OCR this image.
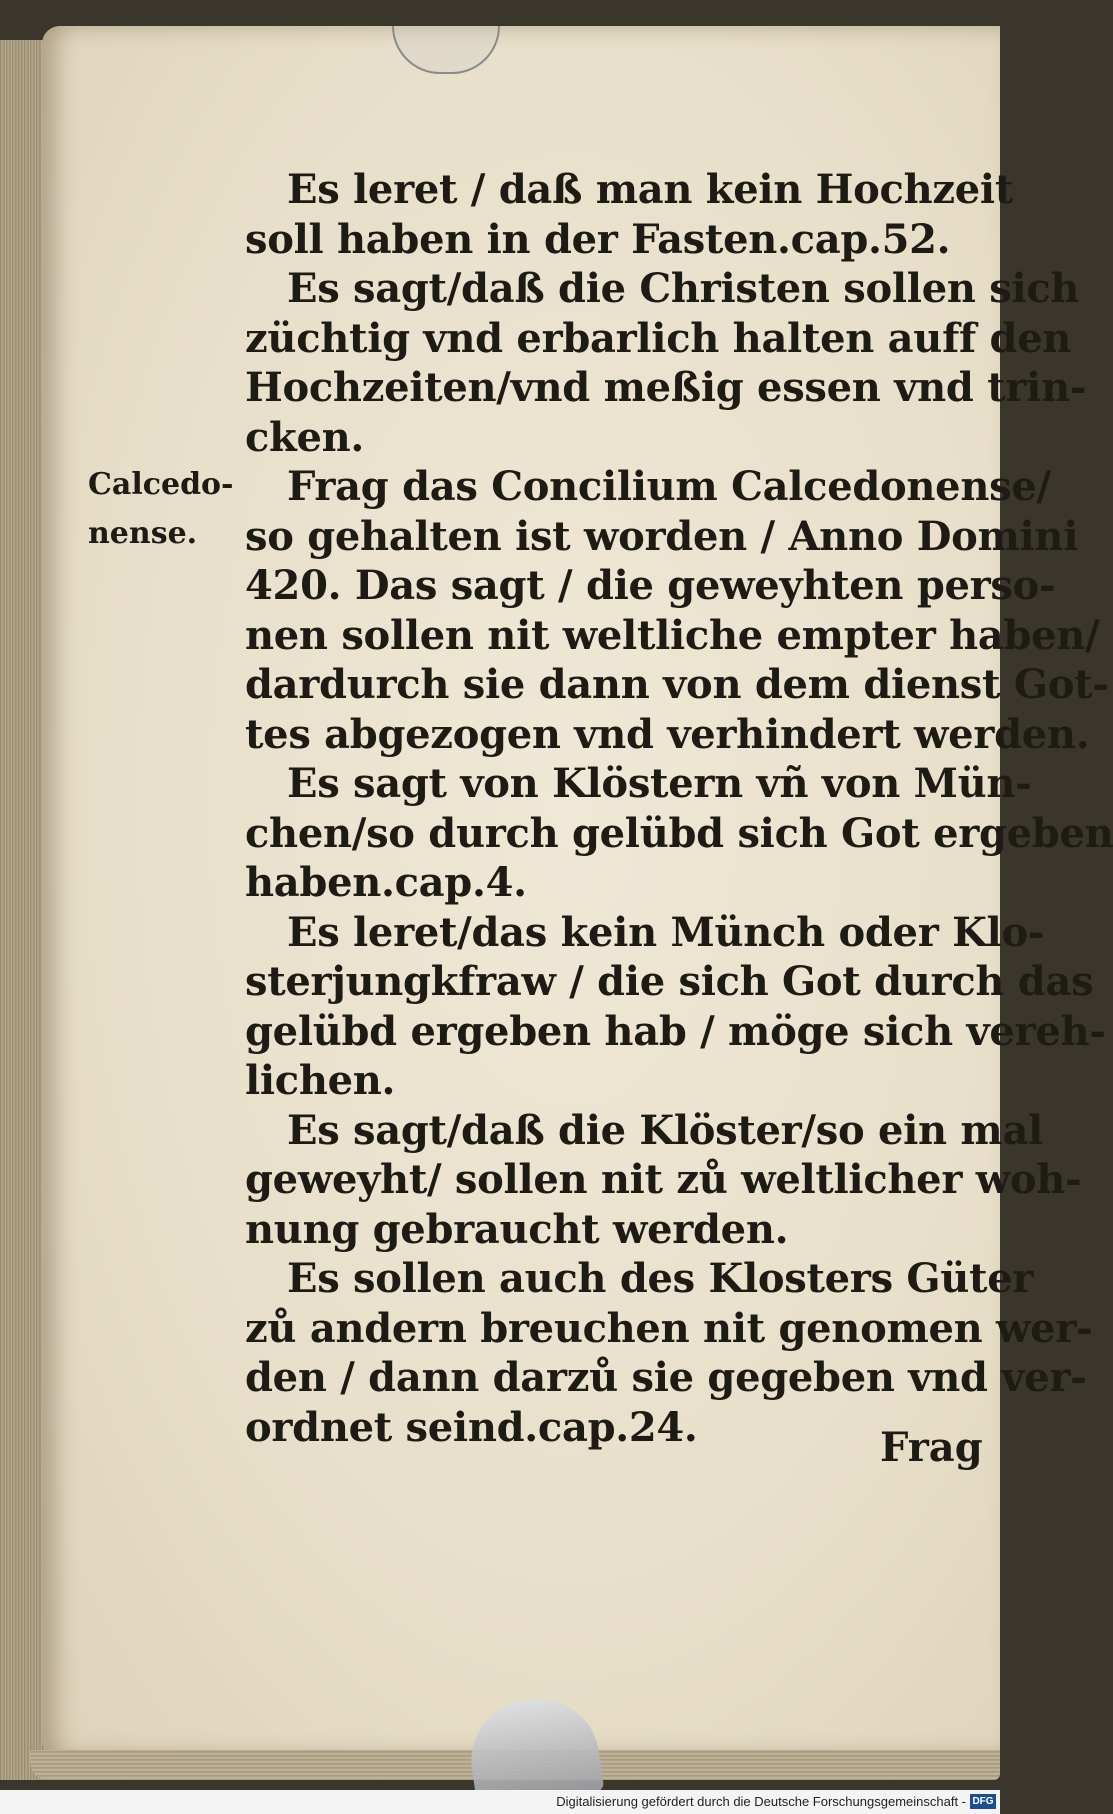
Calcedo-
nense.
Es leret / daß man kein Hochzeit
soll haben in der Fasten.cap.52.
Es sagt/daß die Christen sollen sich
züchtig vnd erbarlich halten auff den
Hochzeiten/vnd meßig essen vnd trin-
cken.
Frag das Concilium Calcedonense/
so gehalten ist worden / Anno Domini
420. Das sagt / die geweyhten perso-
nen sollen nit weltliche empter haben/
dardurch sie dann von dem dienst Got-
tes abgezogen vnd verhindert werden.
Es sagt von Klöstern vñ von Mün-
chen/so durch gelübd sich Got ergeben
haben.cap.4.
Es leret/das kein Münch oder Klo-
sterjungkfraw / die sich Got durch das
gelübd ergeben hab / möge sich vereh-
lichen.
Es sagt/daß die Klöster/so ein mal
geweyht/ sollen nit zů weltlicher woh-
nung gebraucht werden.
Es sollen auch des Klosters Güter
zů andern breuchen nit genomen wer-
den / dann darzů sie gegeben vnd ver-
ordnet seind.cap.24.	Frag
Digitalisierung gefördert durch die Deutsche Forschungsgemeinschaft - DFG
